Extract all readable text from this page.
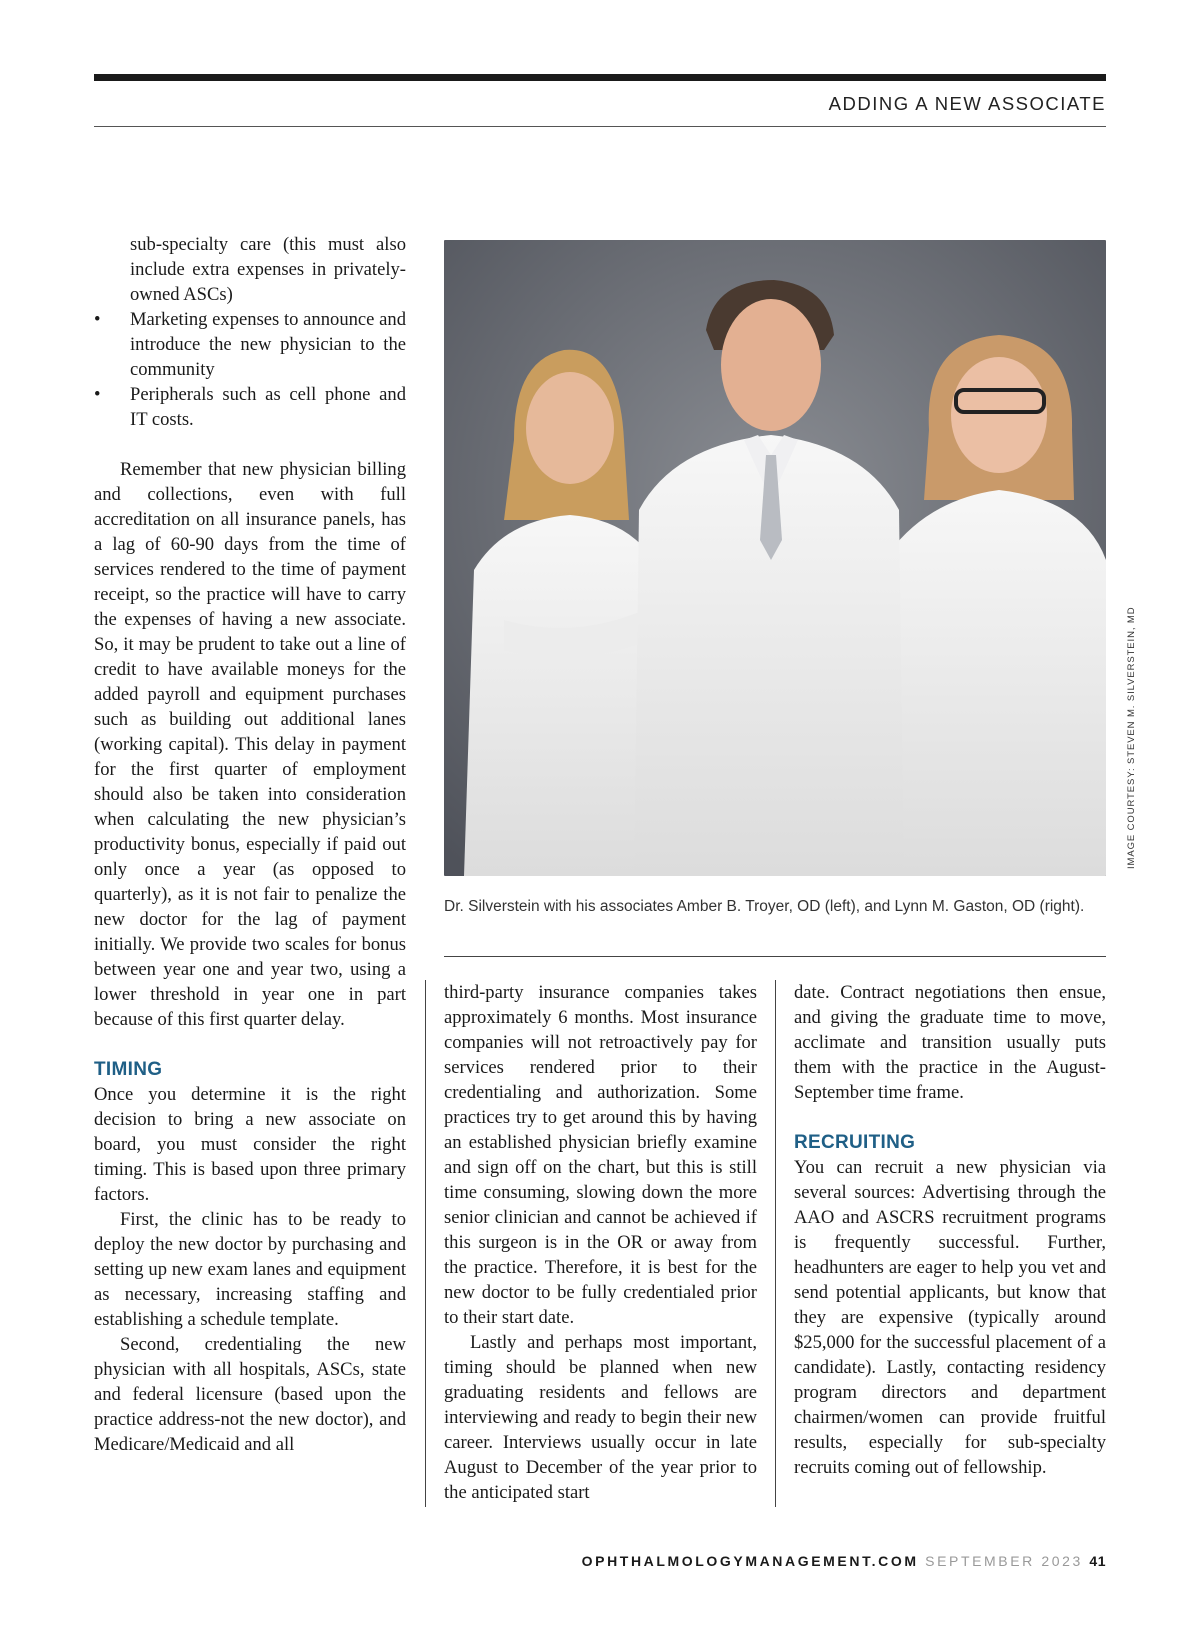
ADDING A NEW ASSOCIATE

sub-specialty care (this must also include extra expenses in privately-owned ASCs)

• Marketing expenses to announce and introduce the new physician to the community
• Peripherals such as cell phone and IT costs.

Remember that new physician billing and collections, even with full accreditation on all insurance panels, has a lag of 60-90 days from the time of services rendered to the time of payment receipt, so the practice will have to carry the expenses of having a new associate. So, it may be prudent to take out a line of credit to have available moneys for the added payroll and equipment purchases such as building out additional lanes (working capital). This delay in payment for the first quarter of employment should also be taken into consideration when calculating the new physician’s productivity bonus, especially if paid out only once a year (as opposed to quarterly), as it is not fair to penalize the new doctor for the lag of payment initially. We provide two scales for bonus between year one and year two, using a lower threshold in year one in part because of this first quarter delay.

TIMING

Once you determine it is the right decision to bring a new associate on board, you must consider the right timing. This is based upon three primary factors.

First, the clinic has to be ready to deploy the new doctor by purchasing and setting up new exam lanes and equipment as necessary, increasing staffing and establishing a schedule template.

Second, credentialing the new physician with all hospitals, ASCs, state and federal licensure (based upon the practice address-not the new doctor), and Medicare/Medicaid and all

IMAGE COURTESY: STEVEN M. SILVERSTEIN, MD
Dr. Silverstein with his associates Amber B. Troyer, OD (left), and Lynn M. Gaston, OD (right).

third-party insurance companies takes approximately 6 months. Most insurance companies will not retroactively pay for services rendered prior to their credentialing and authorization. Some practices try to get around this by having an established physician briefly examine and sign off on the chart, but this is still time consuming, slowing down the more senior clinician and cannot be achieved if this surgeon is in the OR or away from the practice. Therefore, it is best for the new doctor to be fully credentialed prior to their start date.

Lastly and perhaps most important, timing should be planned when new graduating residents and fellows are interviewing and ready to begin their new career. Interviews usually occur in late August to December of the year prior to the anticipated start

date. Contract negotiations then ensue, and giving the graduate time to move, acclimate and transition usually puts them with the practice in the August-September time frame.

RECRUITING

You can recruit a new physician via several sources: Advertising through the AAO and ASCRS recruitment programs is frequently successful. Further, headhunters are eager to help you vet and send potential applicants, but know that they are expensive (typically around $25,000 for the successful placement of a candidate). Lastly, contacting residency program directors and department chairmen/women can provide fruitful results, especially for sub-specialty recruits coming out of fellowship.

OPHTHALMOLOGYMANAGEMENT.COM SEPTEMBER 2023 41
